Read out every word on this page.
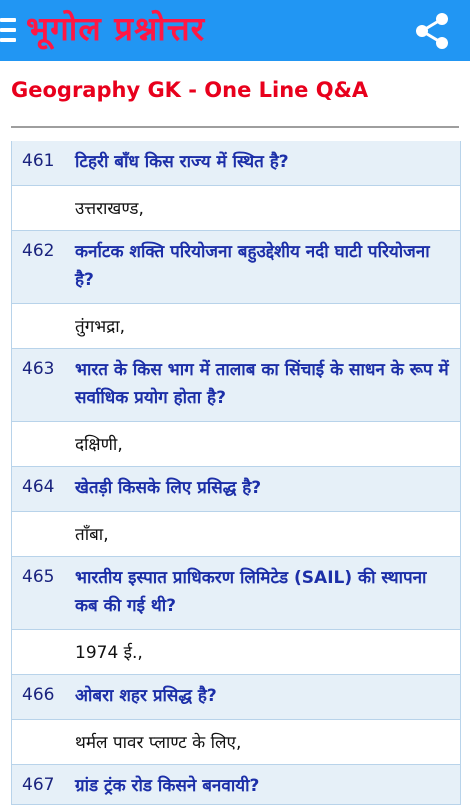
भूगोल प्रश्नोत्तर
Geography GK - One Line Q&A
461 टिहरी बाँध किस राज्य में स्थित है?
उत्तराखण्ड,
462 कर्नाटक शक्ति परियोजना बहुउद्देशीय नदी घाटी परियोजना है?
तुंगभद्रा,
463 भारत के किस भाग में तालाब का सिंचाई के साधन के रूप में सर्वाधिक प्रयोग होता है?
दक्षिणी,
464 खेतड़ी किसके लिए प्रसिद्ध है?
ताँबा,
465 भारतीय इस्पात प्राधिकरण लिमिटेड (SAIL) की स्थापना कब की गई थी?
1974 ई.,
466 ओबरा शहर प्रसिद्ध है?
थर्मल पावर प्लाण्ट के लिए,
467 ग्रांड ट्रंक रोड किसने बनवायी?
